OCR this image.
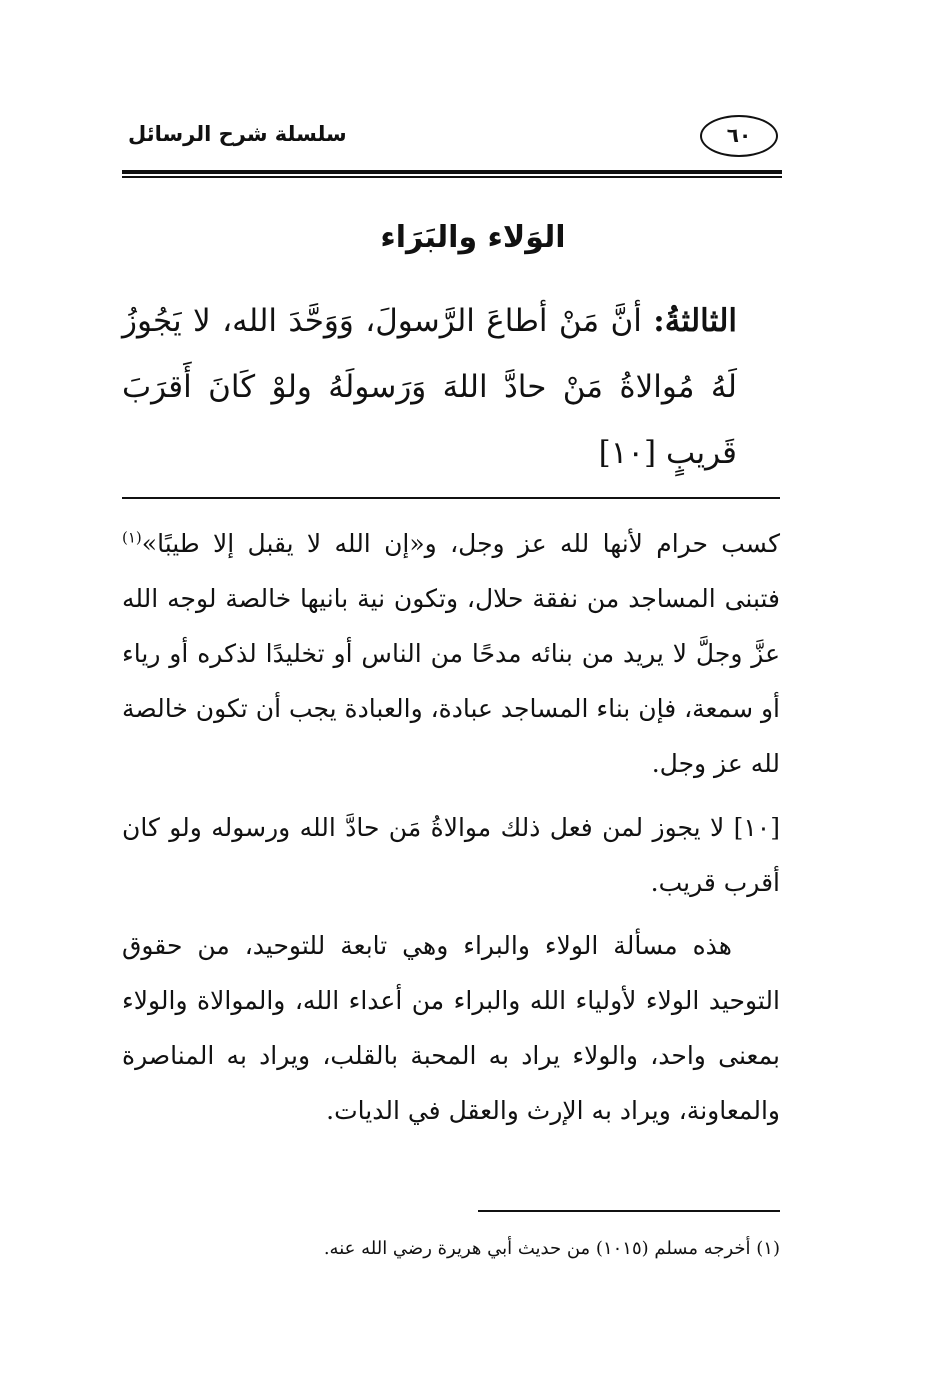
سلسلة شرح الرسائل	٦٠
الوَلاء والبَرَاء
الثالثةُ: أنَّ مَنْ أطاعَ الرَّسولَ، وَوَحَّدَ الله، لا يَجُوزُ لَهُ مُوالاةُ مَنْ حادَّ اللهَ وَرَسولَهُ ولوْ كَانَ أَقرَبَ قَريبٍ [١٠]

كسب حرام لأنها لله عز وجل، و«إن الله لا يقبل إلا طيبًا»$^{(١)}$ فتبنى المساجد من نفقة حلال، وتكون نية بانيها خالصة لوجه الله عزَّ وجلَّ لا يريد من بنائه مدحًا من الناس أو تخليدًا لذكره أو رياء أو سمعة، فإن بناء المساجد عبادة، والعبادة يجب أن تكون خالصة لله عز وجل.

[١٠] لا يجوز لمن فعل ذلك موالاةُ مَن حادَّ الله ورسوله ولو كان أقرب قريب.

هذه مسألة الولاء والبراء وهي تابعة للتوحيد، من حقوق التوحيد الولاء لأولياء الله والبراء من أعداء الله، والموالاة والولاء بمعنى واحد، والولاء يراد به المحبة بالقلب، ويراد به المناصرة والمعاونة، ويراد به الإرث والعقل في الديات.

(١) أخرجه مسلم (١٠١٥) من حديث أبي هريرة رضي الله عنه.
